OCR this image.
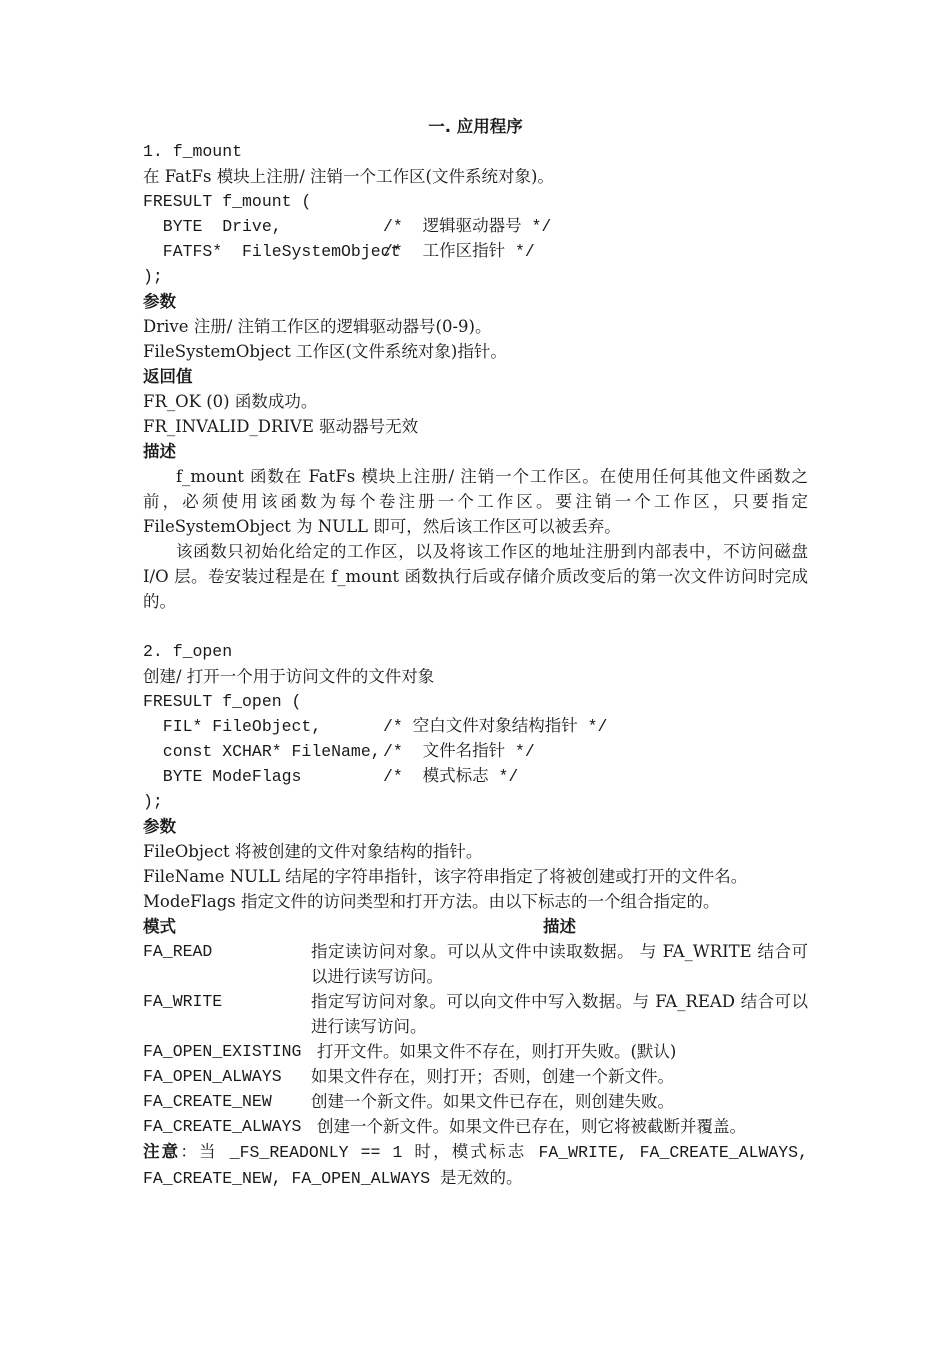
一. 应用程序
1. f_mount
在 FatFs 模块上注册/ 注销一个工作区(文件系统对象)。
FRESULT f_mount (
BYTE  Drive,	/*  逻辑驱动器号 */
FATFS*  FileSystemObject/*  工作区指针 */
);
参数
Drive 注册/ 注销工作区的逻辑驱动器号(0-9)。
FileSystemObject 工作区(文件系统对象)指针。
返回值
FR_OK (0) 函数成功。
FR_INVALID_DRIVE 驱动器号无效
描述
f_mount 函数在 FatFs 模块上注册/ 注销一个工作区。在使用任何其他文件函数之前，必须使用该函数为每个卷注册一个工作区。要注销一个工作区，只要指定 FileSystemObject 为 NULL 即可，然后该工作区可以被丢弃。
该函数只初始化给定的工作区，以及将该工作区的地址注册到内部表中，不访问磁盘 I/O 层。卷安装过程是在 f_mount 函数执行后或存储介质改变后的第一次文件访问时完成的。
2. f_open
创建/ 打开一个用于访问文件的文件对象
FRESULT f_open (
FIL* FileObject,	/* 空白文件对象结构指针 */
const XCHAR* FileName, /*  文件名指针 */
BYTE ModeFlags	/*  模式标志 */
);
参数
FileObject 将被创建的文件对象结构的指针。
FileName NULL 结尾的字符串指针，该字符串指定了将被创建或打开的文件名。
ModeFlags 指定文件的访问类型和打开方法。由以下标志的一个组合指定的。
模式	描述
FA_READ	指定读访问对象。可以从文件中读取数据。 与 FA_WRITE 结合可以进行读写访问。
FA_WRITE	指定写访问对象。可以向文件中写入数据。与 FA_READ 结合可以进行读写访问。
FA_OPEN_EXISTING 打开文件。如果文件不存在，则打开失败。(默认)
FA_OPEN_ALWAYS	如果文件存在，则打开；否则，创建一个新文件。
FA_CREATE_NEW	创建一个新文件。如果文件已存在，则创建失败。
FA_CREATE_ALWAYS 创建一个新文件。如果文件已存在，则它将被截断并覆盖。
注意：当 _FS_READONLY == 1 时，模式标志 FA_WRITE, FA_CREATE_ALWAYS, FA_CREATE_NEW, FA_OPEN_ALWAYS 是无效的。
